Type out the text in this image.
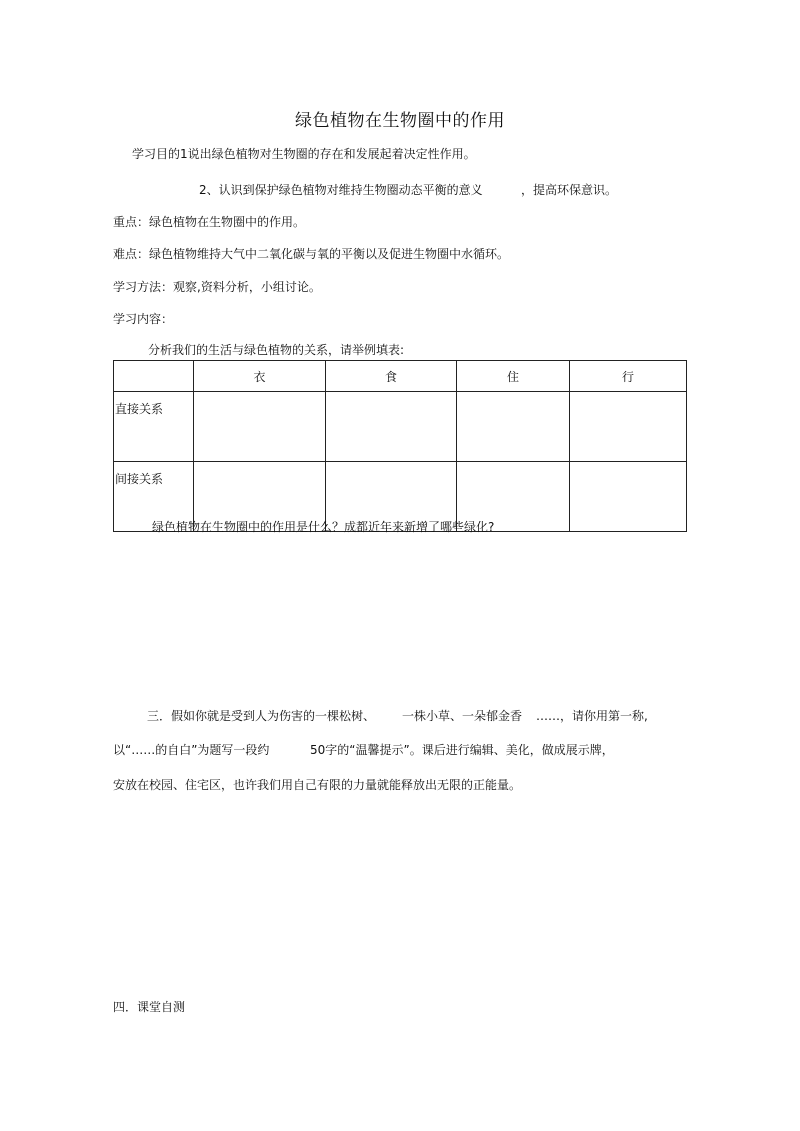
绿色植物在生物圈中的作用

学习目的1说出绿色植物对生物圈的存在和发展起着决定性作用。

2、认识到保护绿色植物对维持生物圈动态平衡的意义	，提高环保意识。

重点：绿色植物在生物圈中的作用。

难点：绿色植物维持大气中二氧化碳与氧的平衡以及促进生物圈中水循环。

学习方法：观察,资料分析，小组讨论。

学习内容：

分析我们的生活与绿色植物的关系，请举例填表:

	衣	食	住	行
直接关系				
间接关系				

绿色植物在生物圈中的作用是什么？成都近年来新增了哪些绿化?

三．假如你就是受到人为伤害的一棵松树、 一株小草、一朵郁金香 ……，请你用第一称,

以“……的自白”为题写一段约	50字的“温馨提示”。课后进行编辑、美化，做成展示牌，

安放在校园、住宅区，也许我们用自己有限的力量就能释放出无限的正能量。

四．课堂自测
